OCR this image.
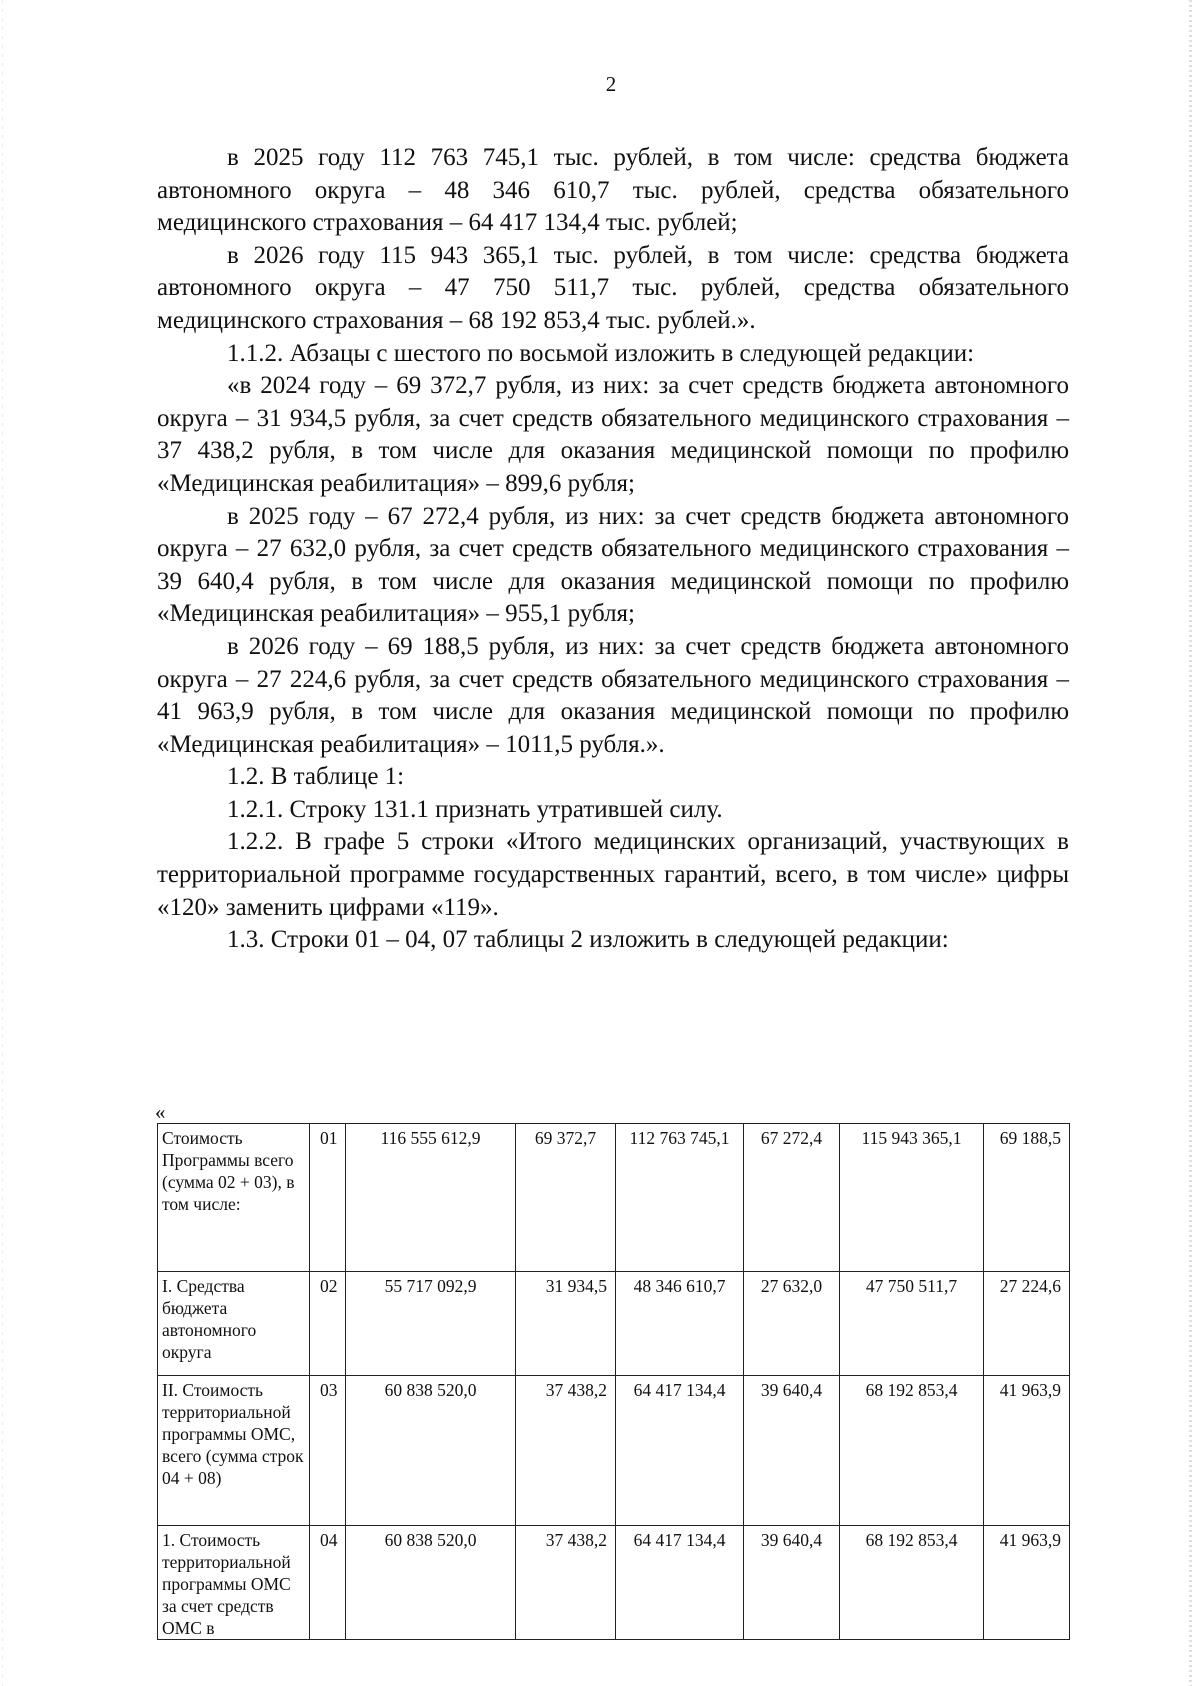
2

в 2025 году 112 763 745,1 тыс. рублей, в том числе: средства бюджета автономного округа – 48 346 610,7 тыс. рублей, средства обязательного медицинского страхования – 64 417 134,4 тыс. рублей;

в 2026 году 115 943 365,1 тыс. рублей, в том числе: средства бюджета автономного округа – 47 750 511,7 тыс. рублей, средства обязательного медицинского страхования – 68 192 853,4 тыс. рублей.».

1.1.2. Абзацы с шестого по восьмой изложить в следующей редакции:

«в 2024 году – 69 372,7 рубля, из них: за счет средств бюджета автономного округа – 31 934,5 рубля, за счет средств обязательного медицинского страхования – 37 438,2 рубля, в том числе для оказания медицинской помощи по профилю «Медицинская реабилитация» – 899,6 рубля;

в 2025 году – 67 272,4 рубля, из них: за счет средств бюджета автономного округа – 27 632,0 рубля, за счет средств обязательного медицинского страхования – 39 640,4 рубля, в том числе для оказания медицинской помощи по профилю «Медицинская реабилитация» – 955,1 рубля;

в 2026 году – 69 188,5 рубля, из них: за счет средств бюджета автономного округа – 27 224,6 рубля, за счет средств обязательного медицинского страхования – 41 963,9 рубля, в том числе для оказания медицинской помощи по профилю «Медицинская реабилитация» – 1011,5 рубля.».

1.2. В таблице 1:

1.2.1. Строку 131.1 признать утратившей силу.

1.2.2. В графе 5 строки «Итого медицинских организаций, участвующих в территориальной программе государственных гарантий, всего, в том числе» цифры «120» заменить цифрами «119».

1.3. Строки 01 – 04, 07 таблицы 2 изложить в следующей редакции:

«
Стоимость Программы всего (сумма 02 + 03), в том числе:	01	116 555 612,9	69 372,7	112 763 745,1	67 272,4	115 943 365,1	69 188,5
I. Средства бюджета автономного округа	02	55 717 092,9	31 934,5	48 346 610,7	27 632,0	47 750 511,7	27 224,6
II. Стоимость территориальной программы ОМС, всего (сумма строк 04 + 08)	03	60 838 520,0	37 438,2	64 417 134,4	39 640,4	68 192 853,4	41 963,9
1. Стоимость территориальной программы ОМС за счет средств ОМС в	04	60 838 520,0	37 438,2	64 417 134,4	39 640,4	68 192 853,4	41 963,9
